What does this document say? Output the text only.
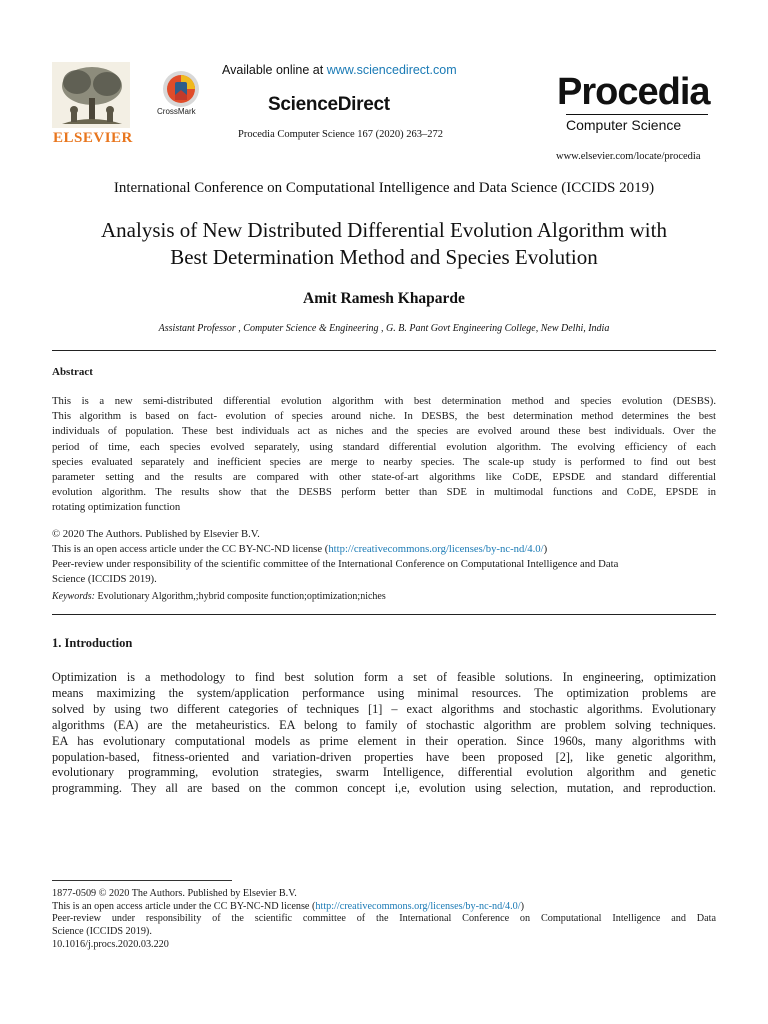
ELSEVIER
CrossMark
Available online at www.sciencedirect.com
ScienceDirect
Procedia Computer Science 167 (2020) 263–272
Procedia
Computer Science
www.elsevier.com/locate/procedia
International Conference on Computational Intelligence and Data Science (ICCIDS 2019)
Analysis of New Distributed Differential Evolution Algorithm with
Best Determination Method and Species Evolution
Amit Ramesh Khaparde
Assistant Professor , Computer Science & Engineering , G. B. Pant Govt Engineering College, New Delhi, India
Abstract
This is a new semi-distributed differential evolution algorithm with best determination method and species evolution (DESBS).
This algorithm is based on fact- evolution of species around niche. In DESBS, the best determination method determines the best
individuals of population. These best individuals act as niches and the species are evolved around these best individuals. Over the
period of time, each species evolved separately, using standard differential evolution algorithm. The evolving efficiency of each
species evaluated separately and inefficient species are merge to nearby species. The scale-up study is performed to find out best
parameter setting and the results are compared with other state-of-art algorithms like CoDE, EPSDE and standard differential
evolution algorithm. The results show that the DESBS perform better than SDE in multimodal functions and CoDE, EPSDE in
rotating optimization function
© 2020 The Authors. Published by Elsevier B.V.
This is an open access article under the CC BY-NC-ND license (http://creativecommons.org/licenses/by-nc-nd/4.0/)
Peer-review under responsibility of the scientific committee of the International Conference on Computational Intelligence and Data
Science (ICCIDS 2019).
Keywords: Evolutionary Algorithm,;hybrid composite function;optimization;niches
1. Introduction
Optimization is a methodology to find best solution form a set of feasible solutions. In engineering, optimization
means maximizing the system/application performance using minimal resources. The optimization problems are
solved by using two different categories of techniques [1] – exact algorithms and stochastic algorithms. Evolutionary
algorithms (EA) are the metaheuristics. EA belong to family of stochastic algorithm are problem solving techniques.
EA has evolutionary computational models as prime element in their operation. Since 1960s, many algorithms with
population-based, fitness-oriented and variation-driven properties have been proposed [2], like genetic algorithm,
evolutionary programming, evolution strategies, swarm Intelligence, differential evolution algorithm and genetic
programming. They all are based on the common concept i,e, evolution using selection, mutation, and reproduction.
1877-0509 © 2020 The Authors. Published by Elsevier B.V.
This is an open access article under the CC BY-NC-ND license (http://creativecommons.org/licenses/by-nc-nd/4.0/)
Peer-review under responsibility of the scientific committee of the International Conference on Computational Intelligence and Data
Science (ICCIDS 2019).
10.1016/j.procs.2020.03.220
